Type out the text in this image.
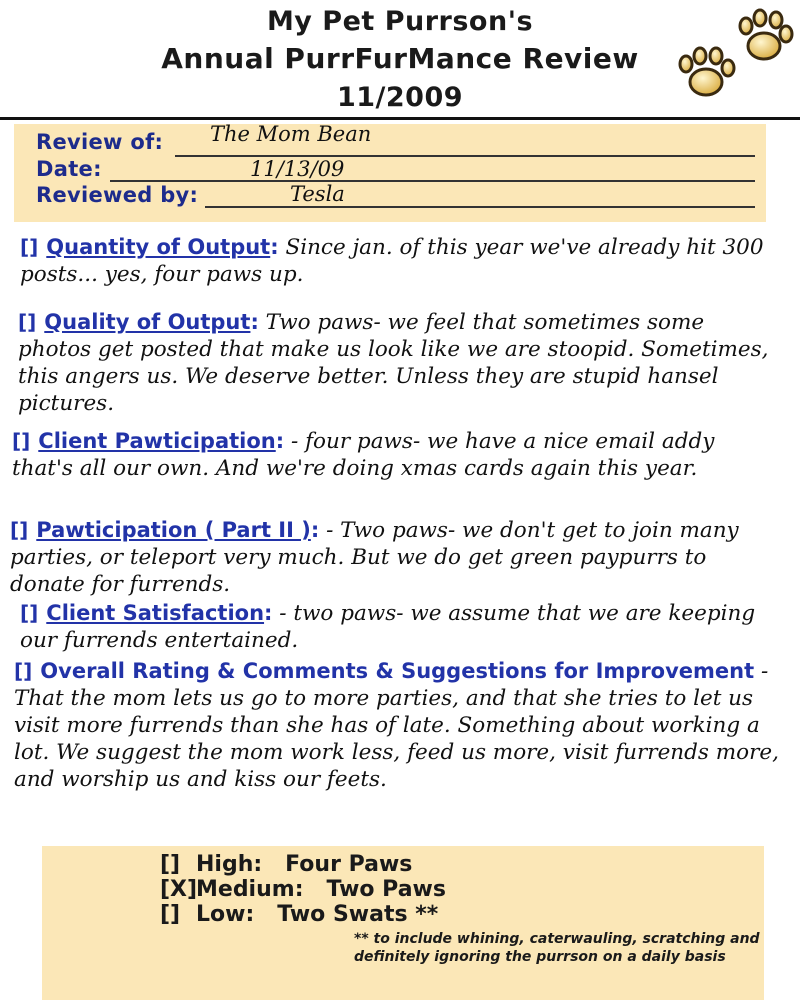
My Pet Purrson's
Annual PurrFurMance Review
11/2009
Review of: The Mom Bean
Date:	11/13/09
Reviewed by:	Tesla

[] Quantity of Output: Since jan. of this year we've already hit 300 posts... yes, four paws up.

[] Quality of Output: Two paws- we feel that sometimes some photos get posted that make us look like we are stoopid. Sometimes, this angers us. We deserve better. Unless they are stupid hansel pictures.

[] Client Pawticipation: - four paws- we have a nice email addy that's all our own. And we're doing xmas cards again this year.

[] Pawticipation ( Part II ): - Two paws- we don't get to join many parties, or teleport very much. But we do get green paypurrs to donate for furrends.

[] Client Satisfaction: - two paws- we assume that we are keeping our furrends entertained.

[] Overall Rating & Comments & Suggestions for Improvement - That the mom lets us go to more parties, and that she tries to let us visit more furrends than she has of late. Something about working a lot. We suggest the mom work less, feed us more, visit furrends more, and worship us and kiss our feets.

[] High: Four Paws
[X]Medium: Two Paws
[] Low: Two Swats **
** to include whining, caterwauling, scratching and definitely ignoring the purrson on a daily basis
